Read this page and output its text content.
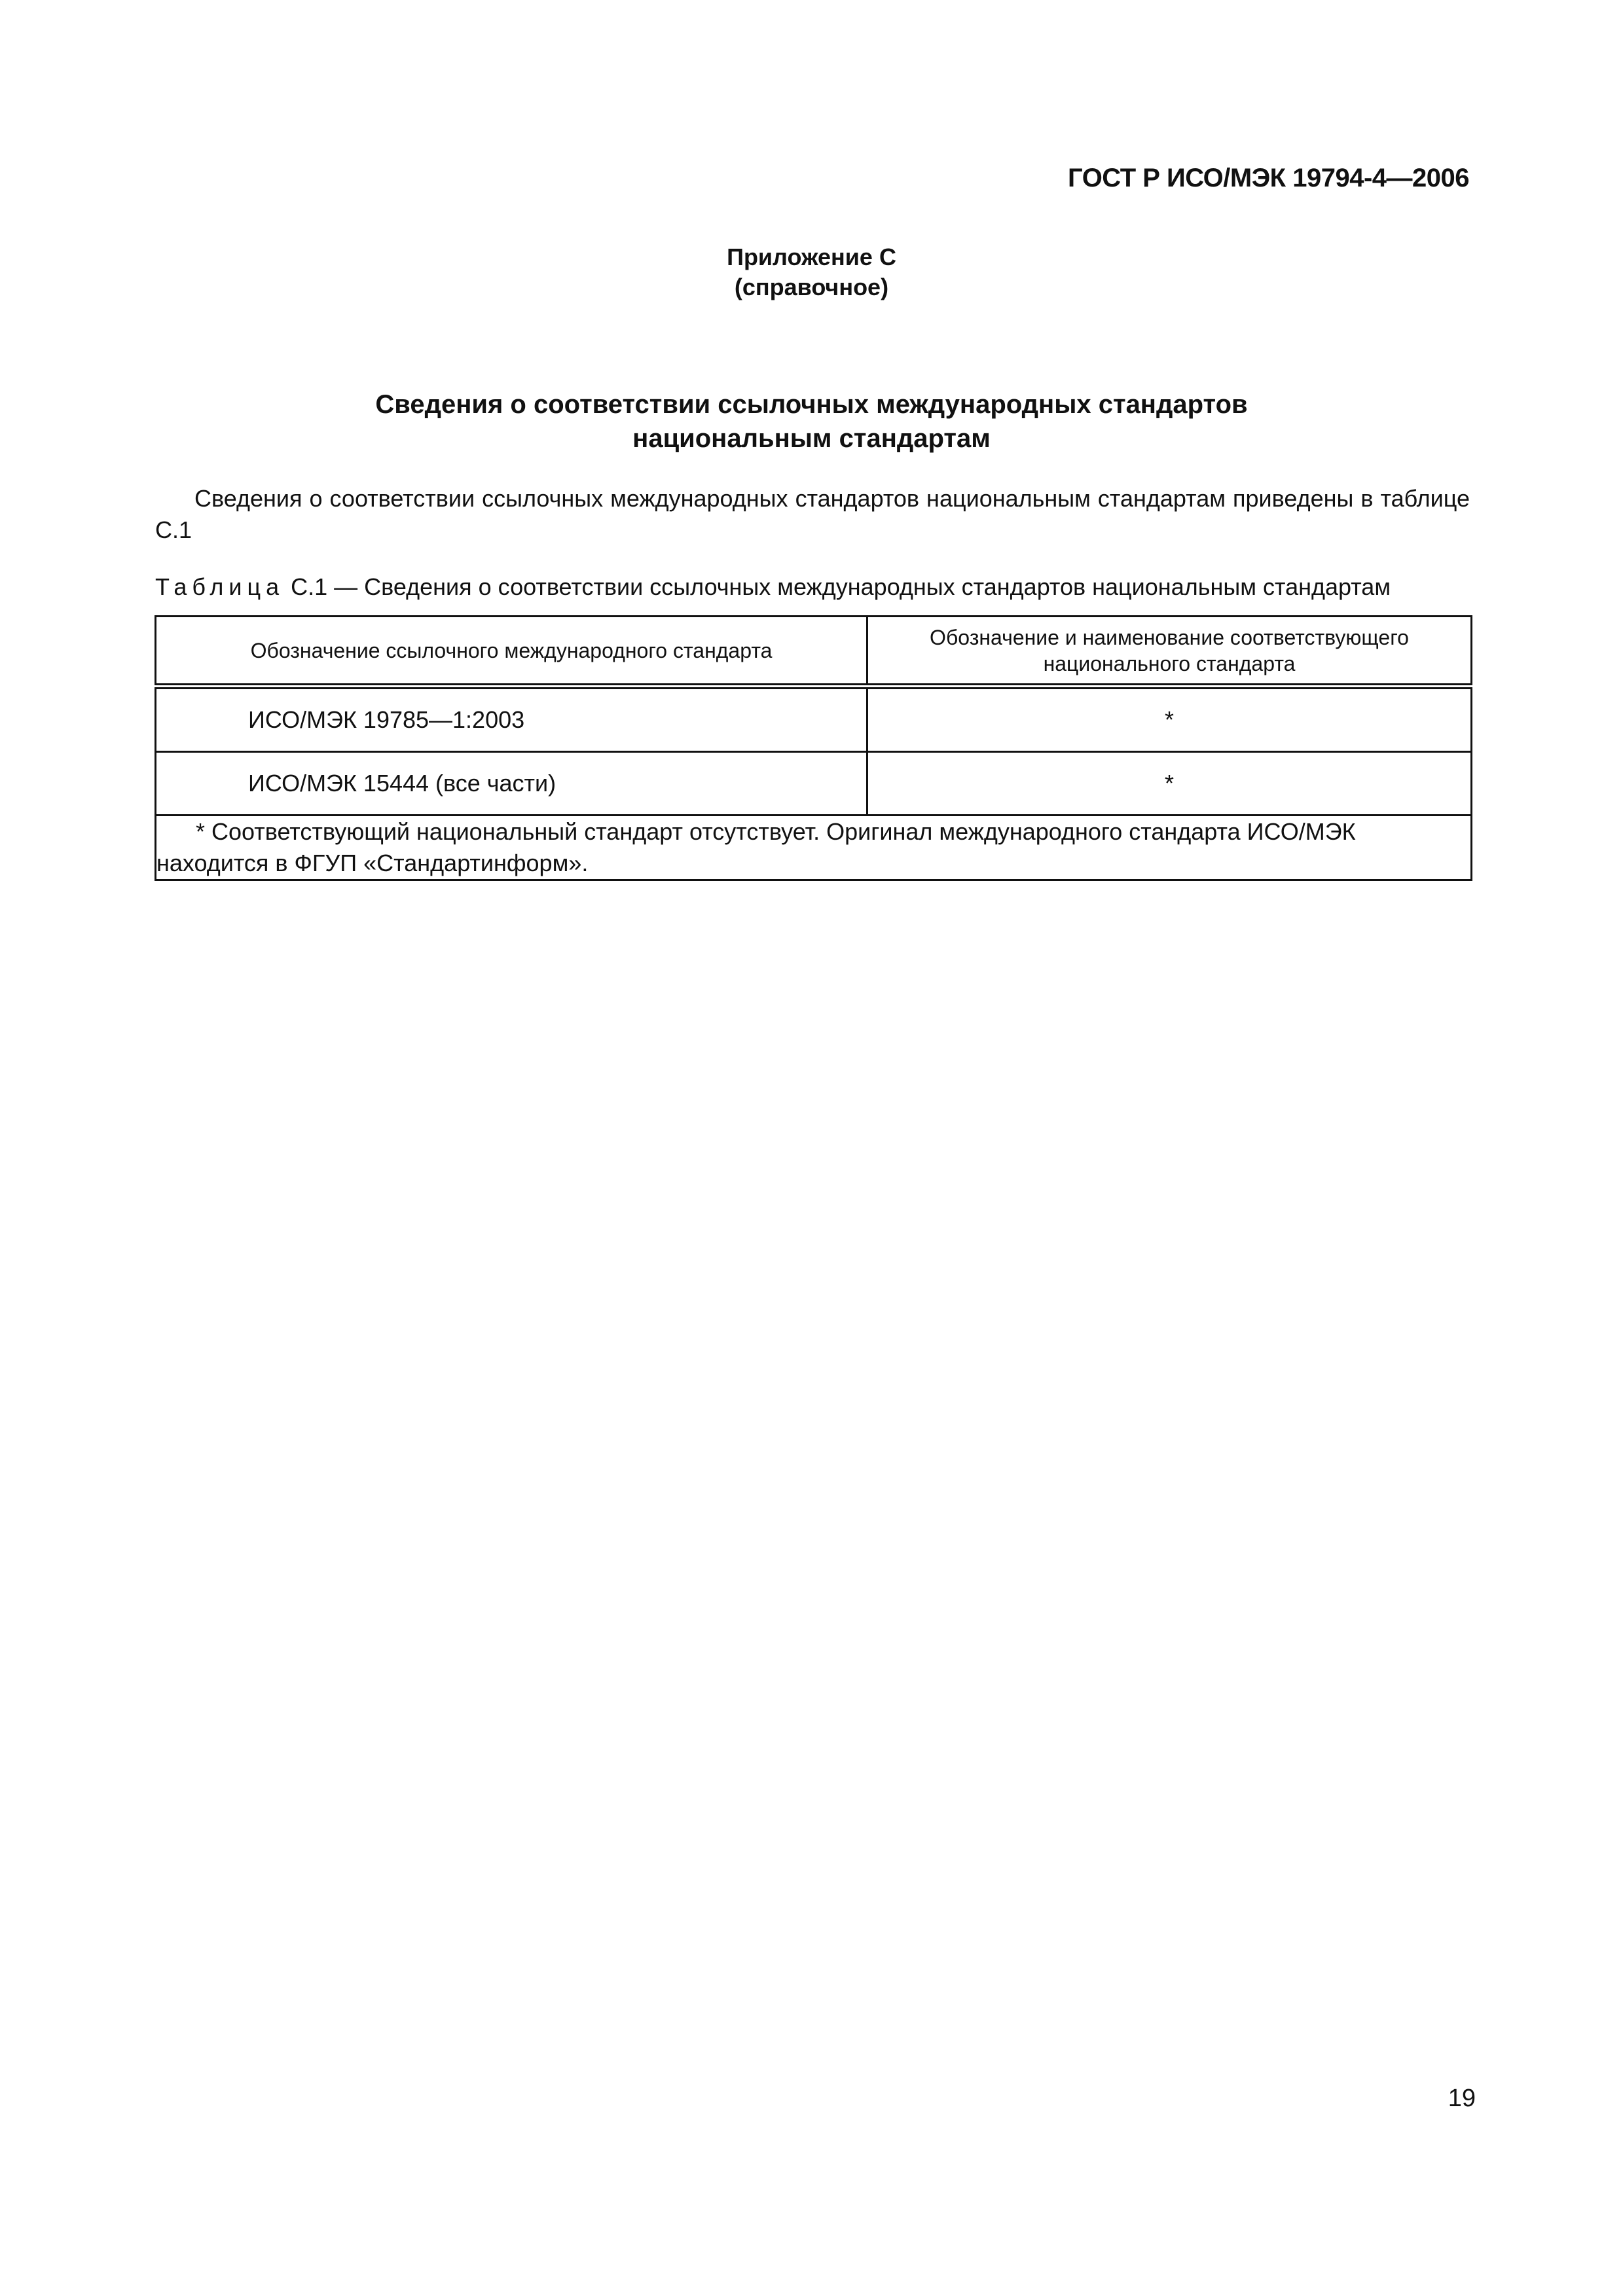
ГОСТ Р ИСО/МЭК 19794-4—2006
Приложение С
(справочное)
Сведения о соответствии ссылочных международных стандартов
национальным стандартам
Сведения о соответствии ссылочных международных стандартов национальным стандартам приведены в таблице С.1
Таблица С.1 — Сведения о соответствии ссылочных международных стандартов национальным стандартам
Обозначение ссылочного международного стандарта	Обозначение и наименование соответствующего национального стандарта
ИСО/МЭК 19785—1:2003	*
ИСО/МЭК 15444 (все части)	*
* Соответствующий национальный стандарт отсутствует. Оригинал международного стандарта ИСО/МЭК находится в ФГУП «Стандартинформ».	
19
